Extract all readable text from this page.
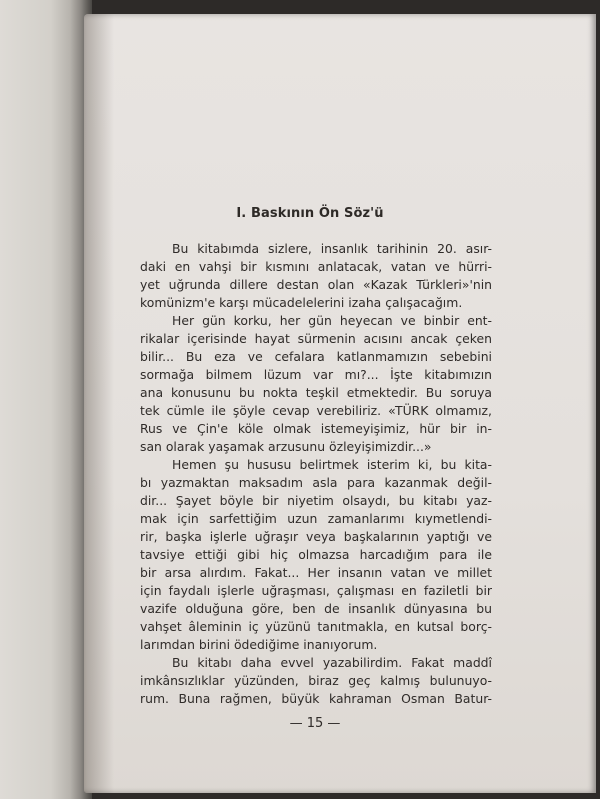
I. Baskının Ön Söz'ü
Bu kitabımda sizlere, insanlık tarihinin 20. asır-
daki en vahşi bir kısmını anlatacak, vatan ve hürri-
yet uğrunda dillere destan olan «Kazak Türkleri»'nin
komünizm'e karşı mücadelelerini izaha çalışacağım.
Her gün korku, her gün heyecan ve binbir ent-
rikalar içerisinde hayat sürmenin acısını ancak çeken
bilir... Bu eza ve cefalara katlanmamızın sebebini
sormağa bilmem lüzum var mı?... İşte kitabımızın
ana konusunu bu nokta teşkil etmektedir. Bu soruya
tek cümle ile şöyle cevap verebiliriz. «TÜRK olmamız,
Rus ve Çin'e köle olmak istemeyişimiz, hür bir in-
san olarak yaşamak arzusunu özleyişimizdir...»
Hemen şu hususu belirtmek isterim ki, bu kita-
bı yazmaktan maksadım asla para kazanmak değil-
dir... Şayet böyle bir niyetim olsaydı, bu kitabı yaz-
mak için sarfettiğim uzun zamanlarımı kıymetlendi-
rir, başka işlerle uğraşır veya başkalarının yaptığı ve
tavsiye ettiği gibi hiç olmazsa harcadığım para ile
bir arsa alırdım. Fakat... Her insanın vatan ve millet
için faydalı işlerle uğraşması, çalışması en faziletli bir
vazife olduğuna göre, ben de insanlık dünyasına bu
vahşet âleminin iç yüzünü tanıtmakla, en kutsal borç-
larımdan birini ödediğime inanıyorum.
Bu kitabı daha evvel yazabilirdim. Fakat maddî
imkânsızlıklar yüzünden, biraz geç kalmış bulunuyo-
rum. Buna rağmen, büyük kahraman Osman Batur-
— 15 —
